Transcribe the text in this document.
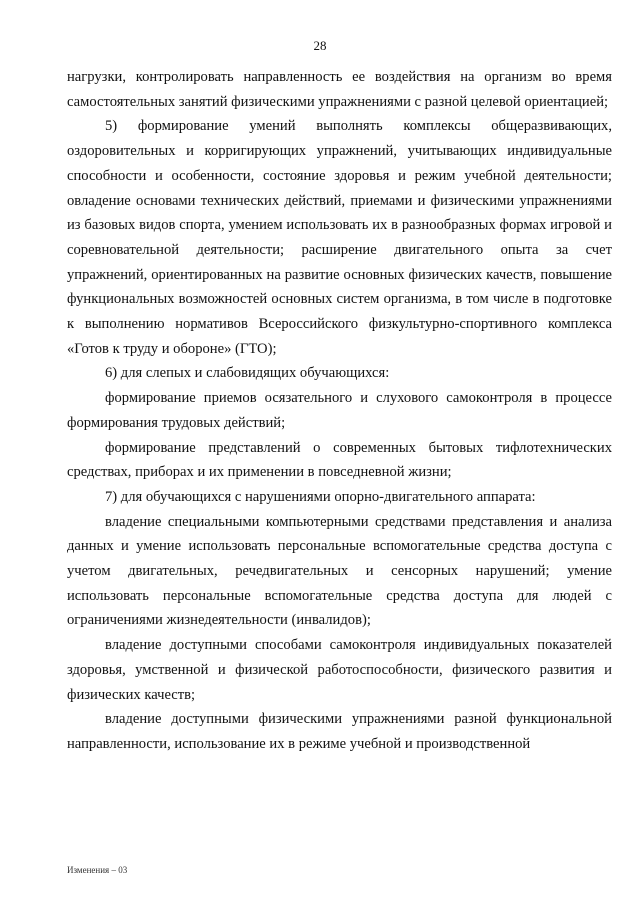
28

нагрузки, контролировать направленность ее воздействия на организм во время самостоятельных занятий физическими упражнениями с разной целевой ориентацией;

5) формирование умений выполнять комплексы общеразвивающих, оздоровительных и корригирующих упражнений, учитывающих индивидуальные способности и особенности, состояние здоровья и режим учебной деятельности; овладение основами технических действий, приемами и физическими упражнениями из базовых видов спорта, умением использовать их в разнообразных формах игровой и соревновательной деятельности; расширение двигательного опыта за счет упражнений, ориентированных на развитие основных физических качеств, повышение функциональных возможностей основных систем организма, в том числе в подготовке к выполнению нормативов Всероссийского физкультурно-спортивного комплекса «Готов к труду и обороне» (ГТО);

6) для слепых и слабовидящих обучающихся:

формирование приемов осязательного и слухового самоконтроля в процессе формирования трудовых действий;

формирование представлений о современных бытовых тифлотехнических средствах, приборах и их применении в повседневной жизни;

7) для обучающихся с нарушениями опорно-двигательного аппарата:

владение специальными компьютерными средствами представления и анализа данных и умение использовать персональные вспомогательные средства доступа с учетом двигательных, речедвигательных и сенсорных нарушений; умение использовать персональные вспомогательные средства доступа для людей с ограничениями жизнедеятельности (инвалидов);

владение доступными способами самоконтроля индивидуальных показателей здоровья, умственной и физической работоспособности, физического развития и физических качеств;

владение доступными физическими упражнениями разной функциональной направленности, использование их в режиме учебной и производственной

Изменения – 03
